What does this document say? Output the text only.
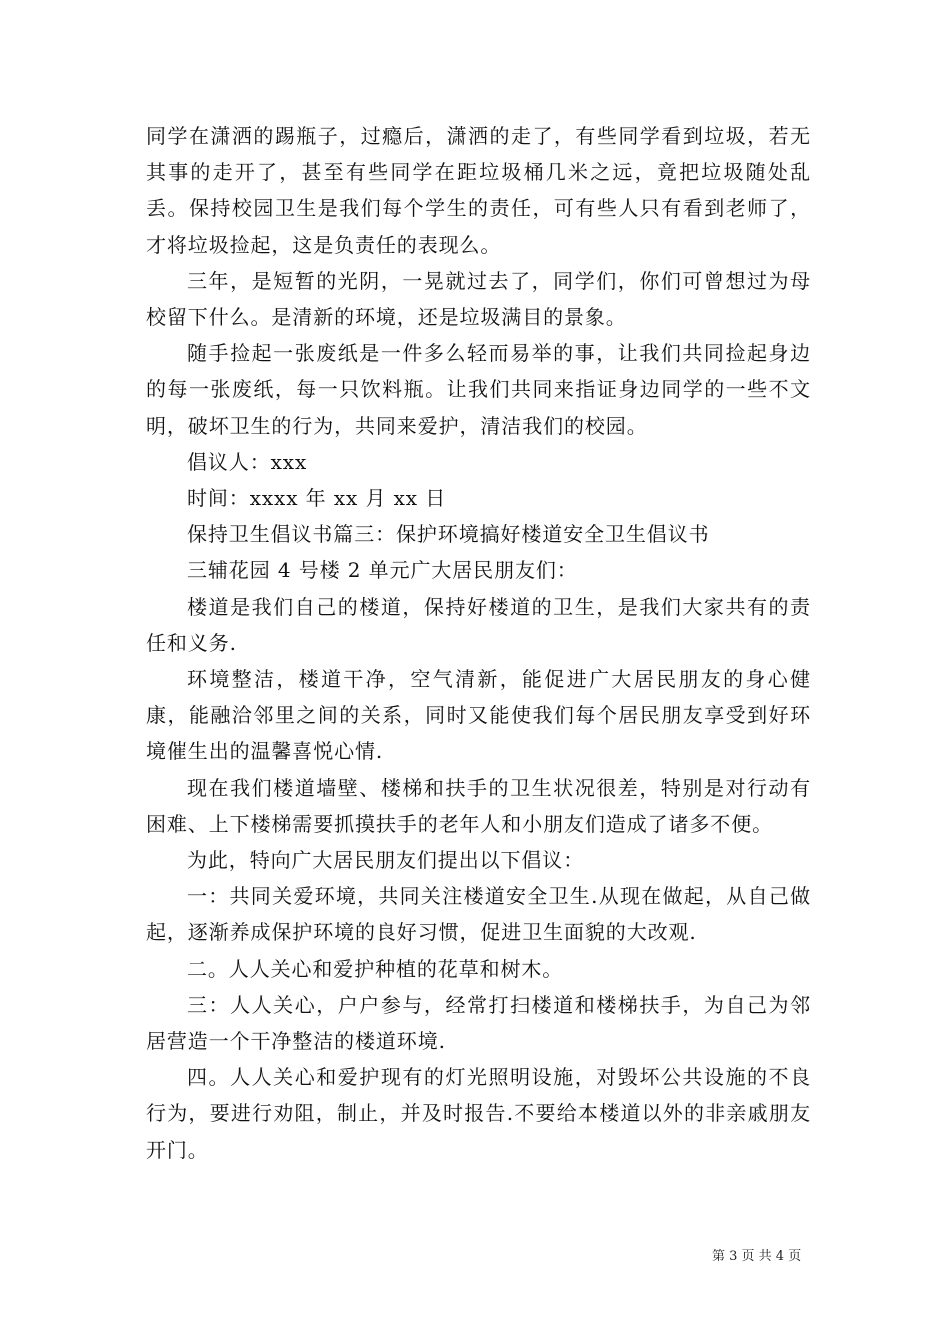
同学在潇洒的踢瓶子，过瘾后，潇洒的走了，有些同学看到垃圾，若无其事的走开了，甚至有些同学在距垃圾桶几米之远，竟把垃圾随处乱丢。保持校园卫生是我们每个学生的责任，可有些人只有看到老师了，才将垃圾捡起，这是负责任的表现么。

三年，是短暂的光阴，一晃就过去了，同学们，你们可曾想过为母校留下什么。是清新的环境，还是垃圾满目的景象。

随手捡起一张废纸是一件多么轻而易举的事，让我们共同捡起身边的每一张废纸，每一只饮料瓶。让我们共同来指证身边同学的一些不文明，破坏卫生的行为，共同来爱护，清洁我们的校园。

倡议人：xxx

时间：xxxx 年 xx 月 xx 日

保持卫生倡议书篇三：保护环境搞好楼道安全卫生倡议书

三辅花园 4 号楼 2 单元广大居民朋友们：

楼道是我们自己的楼道，保持好楼道的卫生，是我们大家共有的责任和义务.

环境整洁，楼道干净，空气清新，能促进广大居民朋友的身心健康，能融洽邻里之间的关系，同时又能使我们每个居民朋友享受到好环境催生出的温馨喜悦心情.

现在我们楼道墙壁、楼梯和扶手的卫生状况很差，特别是对行动有困难、上下楼梯需要抓摸扶手的老年人和小朋友们造成了诸多不便。

为此，特向广大居民朋友们提出以下倡议：

一：共同关爱环境，共同关注楼道安全卫生.从现在做起，从自己做起，逐渐养成保护环境的良好习惯，促进卫生面貌的大改观.

二。人人关心和爱护种植的花草和树木。

三：人人关心，户户参与，经常打扫楼道和楼梯扶手，为自己为邻居营造一个干净整洁的楼道环境.

四。人人关心和爱护现有的灯光照明设施，对毁坏公共设施的不良行为，要进行劝阻，制止，并及时报告.不要给本楼道以外的非亲戚朋友开门。

第 3 页 共 4 页
